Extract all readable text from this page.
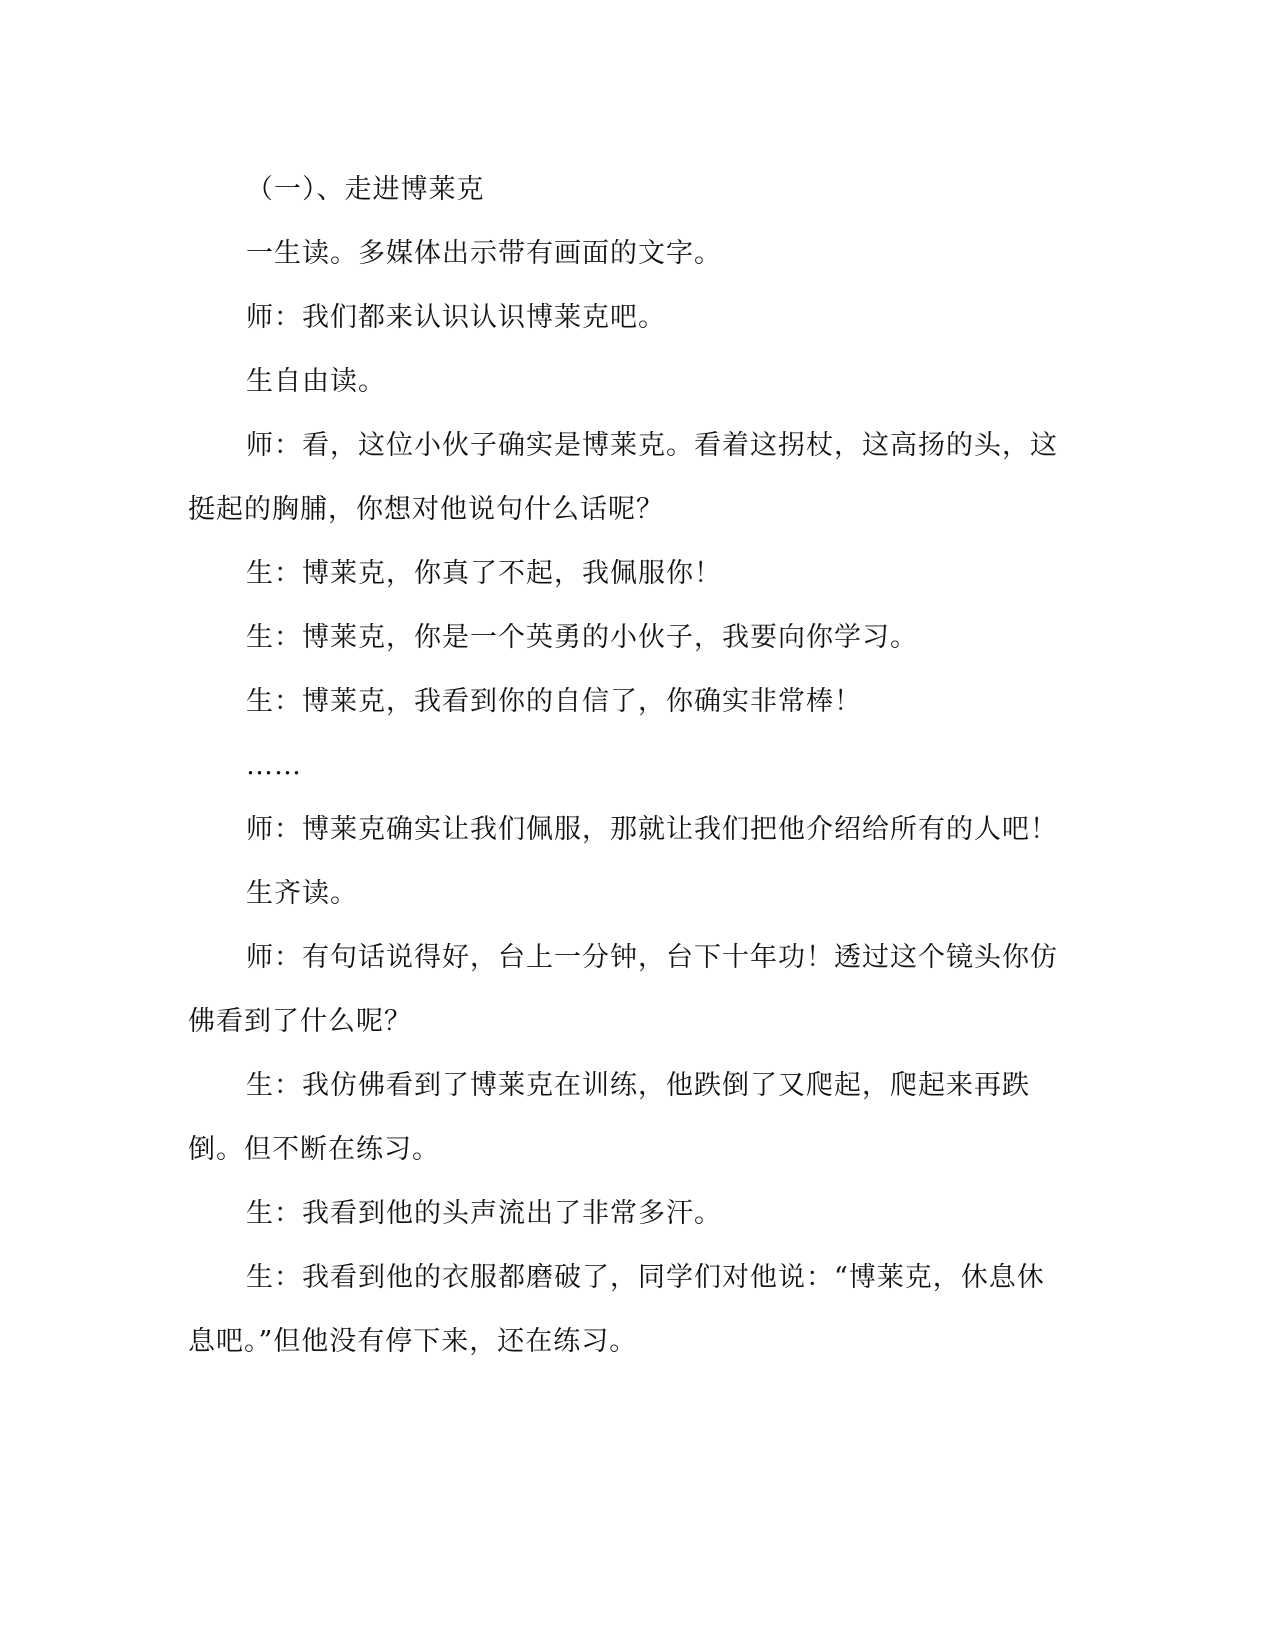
（一）、走进博莱克

一生读。多媒体出示带有画面的文字。

师：我们都来认识认识博莱克吧。

生自由读。

师：看，这位小伙子确实是博莱克。看着这拐杖，这高扬的头，这挺起的胸脯，你想对他说句什么话呢？

生：博莱克，你真了不起，我佩服你！

生：博莱克，你是一个英勇的小伙子，我要向你学习。

生：博莱克，我看到你的自信了，你确实非常棒！

……

师：博莱克确实让我们佩服，那就让我们把他介绍给所有的人吧！

生齐读。

师：有句话说得好，台上一分钟，台下十年功！透过这个镜头你仿佛看到了什么呢？

生：我仿佛看到了博莱克在训练，他跌倒了又爬起，爬起来再跌倒。但不断在练习。

生：我看到他的头声流出了非常多汗。

生：我看到他的衣服都磨破了，同学们对他说：“博莱克，休息休息吧。”但他没有停下来，还在练习。
